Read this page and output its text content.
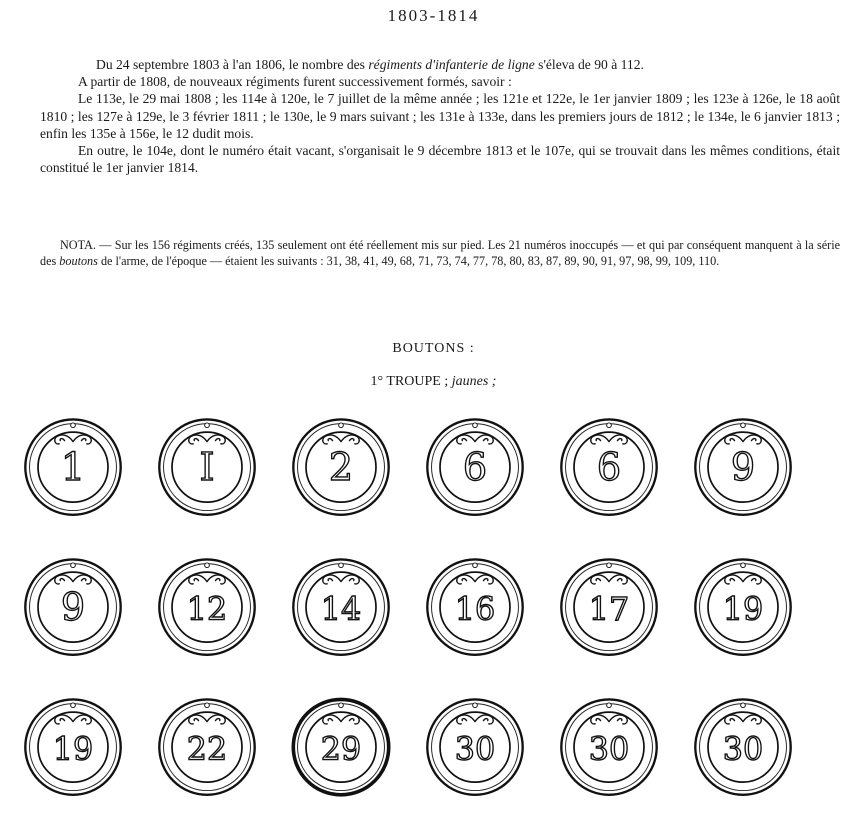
1803-1814

Du 24 septembre 1803 à l'an 1806, le nombre des régiments d'infanterie de ligne s'éleva de 90 à 112.

A partir de 1808, de nouveaux régiments furent successivement formés, savoir :

Le 113e, le 29 mai 1808 ; les 114e à 120e, le 7 juillet de la même année ; les 121e et 122e, le 1er janvier 1809 ; les 123e à 126e, le 18 août 1810 ; les 127e à 129e, le 3 février 1811 ; le 130e, le 9 mars suivant ; les 131e à 133e, dans les premiers jours de 1812 ; le 134e, le 6 janvier 1813 ; enfin les 135e à 156e, le 12 dudit mois.

En outre, le 104e, dont le numéro était vacant, s'organisait le 9 décembre 1813 et le 107e, qui se trouvait dans les mêmes conditions, était constitué le 1er janvier 1814.

NOTA. — Sur les 156 régiments créés, 135 seulement ont été réellement mis sur pied. Les 21 numéros inoccupés — et qui par conséquent manquent à la série des boutons de l'arme, de l'époque — étaient les suivants : 31, 38, 41, 49, 68, 71, 73, 74, 77, 78, 80, 83, 87, 89, 90, 91, 97, 98, 99, 109, 110.

BOUTONS :
1° TROUPE ; jaunes ;
1	I	2	6	6	9
9	12	14	16	17	19
19	22	29	30	30	30
